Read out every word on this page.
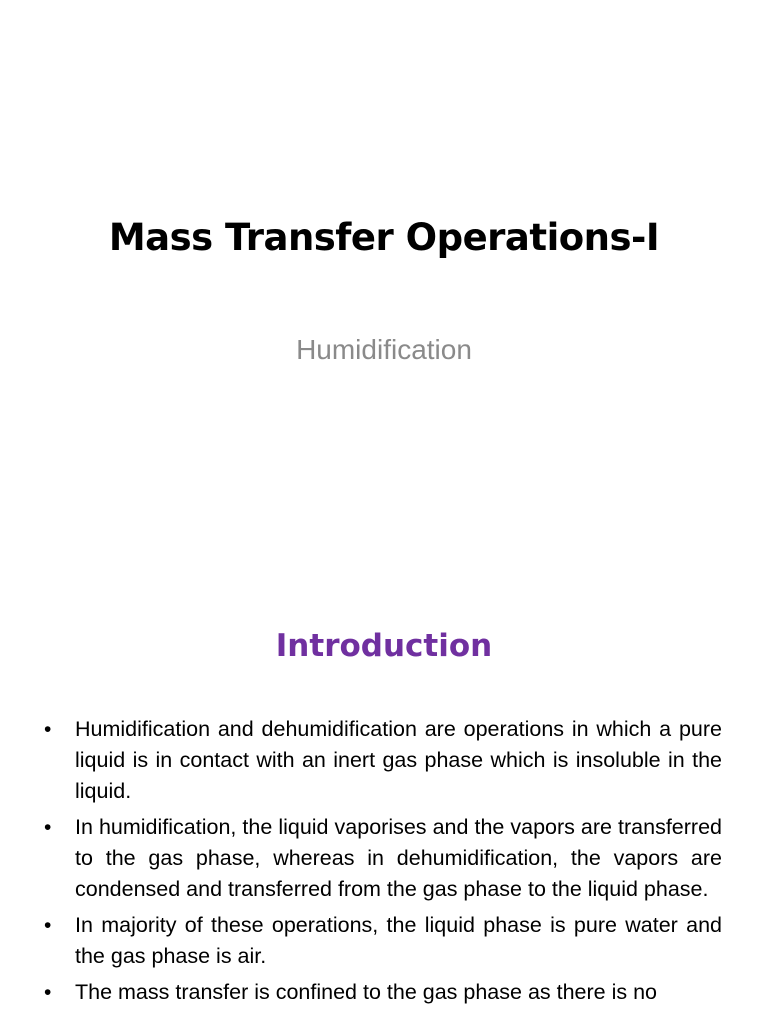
Mass Transfer Operations-I

Humidification

Introduction
•	Humidification and dehumidification are operations in which a pure liquid is in contact with an inert gas phase which is insoluble in the liquid.
•	In humidification, the liquid vaporises and the vapors are transferred to the gas phase, whereas in dehumidification, the vapors are condensed and transferred from the gas phase to the liquid phase.
•	In majority of these operations, the liquid phase is pure water and the gas phase is air.
•	The mass transfer is confined to the gas phase as there is no
